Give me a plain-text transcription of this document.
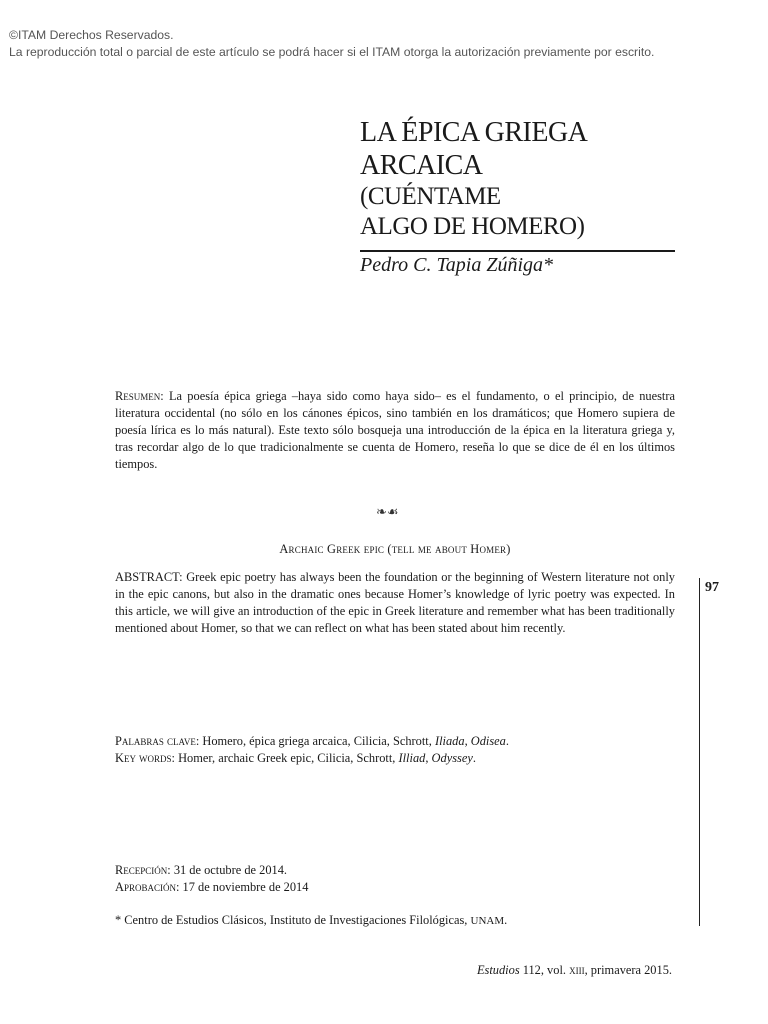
©ITAM Derechos Reservados.
La reproducción total o parcial de este artículo se podrá hacer si el ITAM otorga la autorización previamente por escrito.
LA ÉPICA GRIEGA
ARCAICA
(CUÉNTAME
ALGO DE HOMERO)
Pedro C. Tapia Zúñiga*
Resumen: La poesía épica griega –haya sido como haya sido– es el fundamento, o el principio, de nuestra literatura occidental (no sólo en los cánones épicos, sino también en los dramáticos; que Homero supiera de poesía lírica es lo más natural). Este texto sólo bosqueja una introducción de la épica en la literatura griega y, tras recordar algo de lo que tradicionalmente se cuenta de Homero, reseña lo que se dice de él en los últimos tiempos.
❧☙
Archaic Greek epic (tell me about Homer)
ABSTRACT: Greek epic poetry has always been the foundation or the beginning of Western literature not only in the epic canons, but also in the dramatic ones because Homer’s knowledge of lyric poetry was expected. In this article, we will give an introduction of the epic in Greek literature and remember what has been traditionally mentioned about Homer, so that we can reflect on what has been stated about him recently.
Palabras clave: Homero, épica griega arcaica, Cilicia, Schrott, Iliada, Odisea.
Key words: Homer, archaic Greek epic, Cilicia, Schrott, Illiad, Odyssey.
Recepción: 31 de octubre de 2014.
Aprobación: 17 de noviembre de 2014
* Centro de Estudios Clásicos, Instituto de Investigaciones Filológicas, UNAM.
97
Estudios 112, vol. xiii, primavera 2015.
